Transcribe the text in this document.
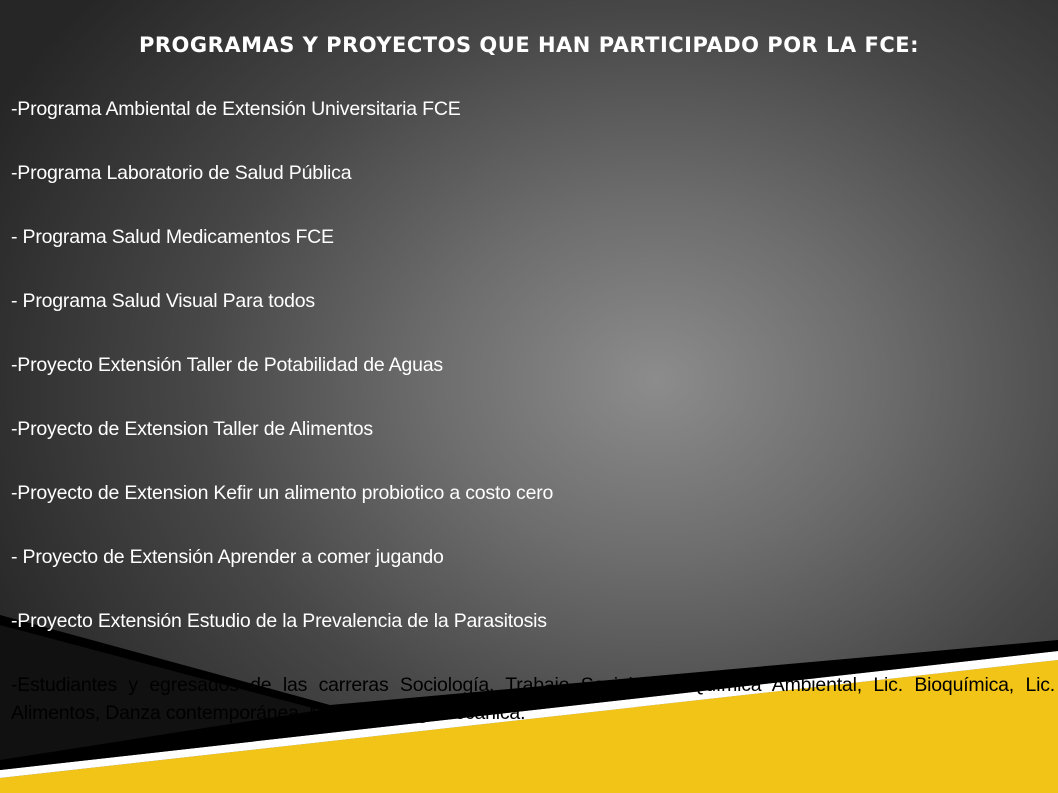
PROGRAMAS Y PROYECTOS QUE HAN PARTICIPADO POR LA FCE:
-Programa Ambiental de Extensión Universitaria FCE
-Programa Laboratorio de Salud Pública
- Programa Salud Medicamentos FCE
- Programa Salud Visual Para todos
-Proyecto Extensión Taller de Potabilidad de Aguas
-Proyecto de Extension Taller de Alimentos
-Proyecto de Extension Kefir un alimento probiotico a costo cero
- Proyecto de Extensión Aprender a comer jugando
-Proyecto Extensión Estudio de la Prevalencia de la Parasitosis
-Estudiantes y egresados de las carreras Sociología, Trabajo Social, Lic. Química Ambiental, Lic. Bioquímica, Lic. Alimentos, Danza contemporánea, Medicina,, Ing. Mecanica.
